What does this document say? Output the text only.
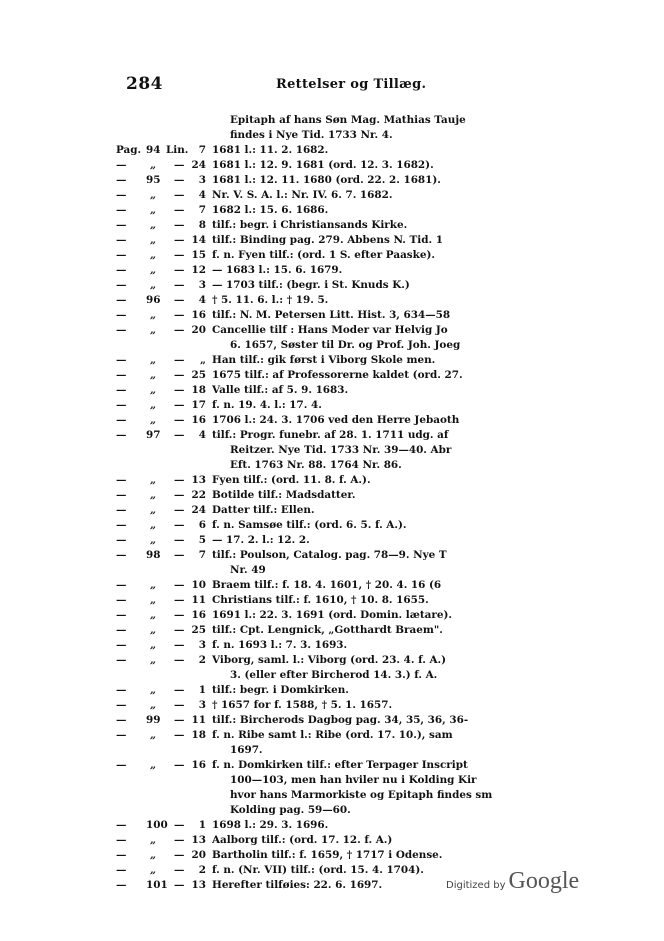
284	Rettelser og Tillæg.
Epitaph af hans Søn Mag. Mathias Tauje
findes i Nye Tid. 1733 Nr. 4.
Pag. 94 Lin. 7 1681 l.: 11. 2. 1682.
—	„	— 24 1681 l.: 12. 9. 1681 (ord. 12. 3. 1682).
—	95	—	3 1681 l.: 12. 11. 1680 (ord. 22. 2. 1681).
—	„	—	4 Nr. V. S. A. l.: Nr. IV. 6. 7. 1682.
—	„	—	7 1682 l.: 15. 6. 1686.
—	„	—	8 tilf.: begr. i Christiansands Kirke.
—	„	— 14 tilf.: Binding pag. 279. Abbens N. Tid. 1
—	„	— 15 f. n. Fyen tilf.: (ord. 1 S. efter Paaske).
—	„	— 12 — 1683 l.: 15. 6. 1679.
—	„	—	3 — 1703 tilf.: (begr. i St. Knuds K.)
—	96	—	4 † 5. 11. 6. l.: † 19. 5.
—	„	— 16 tilf.: N. M. Petersen Litt. Hist. 3, 634—58
—	„	— 20 Cancellie tilf : Hans Moder var Helvig Jo
6. 1657, Søster til Dr. og Prof. Joh. Joeg
—	„	—	„ Han tilf.: gik først i Viborg Skole men.
—	„	— 25 1675 tilf.: af Professorerne kaldet (ord. 27.
—	„	— 18 Valle tilf.: af 5. 9. 1683.
—	„	— 17 f. n. 19. 4. l.: 17. 4.
—	„	— 16 1706 l.: 24. 3. 1706 ved den Herre Jebaoth
—	97	—	4 tilf.: Progr. funebr. af 28. 1. 1711 udg. af
Reitzer. Nye Tid. 1733 Nr. 39—40. Abr
Eft. 1763 Nr. 88. 1764 Nr. 86.
—	„	— 13 Fyen tilf.: (ord. 11. 8. f. A.).
—	„	— 22 Botilde tilf.: Madsdatter.
—	„	— 24 Datter tilf.: Ellen.
—	„	—	6 f. n. Samsøe tilf.: (ord. 6. 5. f. A.).
—	„	—	5 — 17. 2. l.: 12. 2.
—	98	—	7 tilf.: Poulson, Catalog. pag. 78—9. Nye T
Nr. 49
—	„	— 10 Braem tilf.: f. 18. 4. 1601, † 20. 4. 16 (6
—	„	— 11 Christians tilf.: f. 1610, † 10. 8. 1655.
—	„	— 16 1691 l.: 22. 3. 1691 (ord. Domin. lætare).
—	„	— 25 tilf.: Cpt. Lengnick, „Gotthardt Braem".
—	„	—	3 f. n. 1693 l.: 7. 3. 1693.
—	„	—	2 Viborg, saml. l.: Viborg (ord. 23. 4. f. A.)
3. (eller efter Bircherod 14. 3.) f. A.
—	„	—	1 tilf.: begr. i Domkirken.
—	„	—	3 † 1657 for f. 1588, † 5. 1. 1657.
—	99	— 11 tilf.: Bircherods Dagbog pag. 34, 35, 36, 36-
—	„	— 18 f. n. Ribe samt l.: Ribe (ord. 17. 10.), sam
1697.
—	„	— 16 f. n. Domkirken tilf.: efter Terpager Inscript
100—103, men han hviler nu i Kolding Kir
hvor hans Marmorkiste og Epitaph findes sm
Kolding pag. 59—60.
—	100 —	1 1698 l.: 29. 3. 1696.
—	„	— 13 Aalborg tilf.: (ord. 17. 12. f. A.)
—	„	— 20 Bartholin tilf.: f. 1659, † 1717 i Odense.
—	„	—	2 f. n. (Nr. VII) tilf.: (ord. 15. 4. 1704).
—	101 — 13 Herefter tilføies: 22. 6. 1697.	Digitized by Google
